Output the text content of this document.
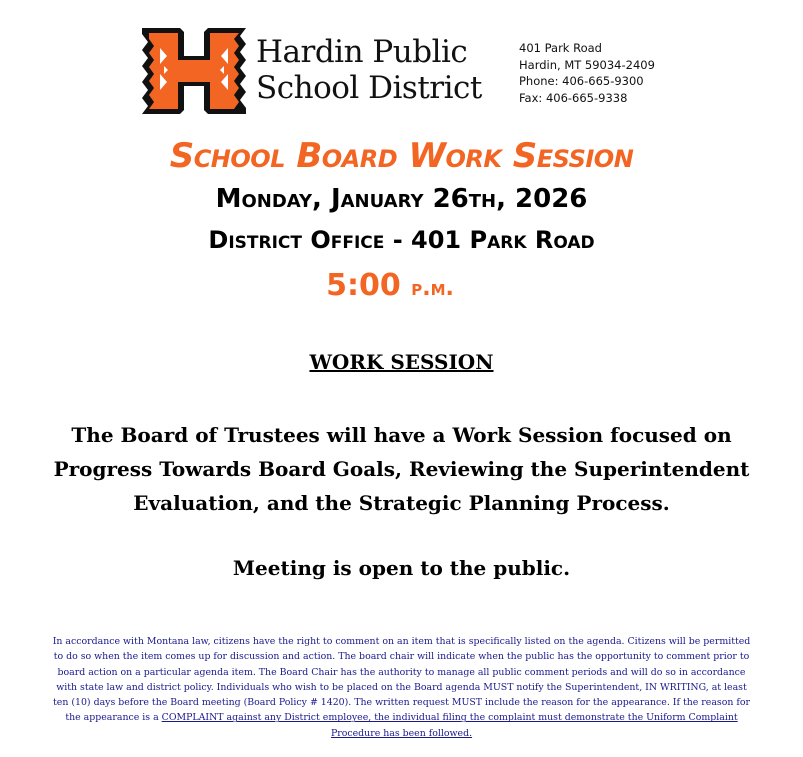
Hardin Public
School District
401 Park Road
Hardin, MT 59034-2409
Phone: 406-665-9300
Fax: 406-665-9338
School Board Work Session
Monday, January 26th, 2026
District Office - 401 Park Road
5:00 p.m.
WORK SESSION
The Board of Trustees will have a Work Session focused on Progress Towards Board Goals, Reviewing the Superintendent Evaluation, and the Strategic Planning Process.
Meeting is open to the public.
In accordance with Montana law, citizens have the right to comment on an item that is specifically listed on the agenda. Citizens will be permitted to do so when the item comes up for discussion and action. The board chair will indicate when the public has the opportunity to comment prior to board action on a particular agenda item. The Board Chair has the authority to manage all public comment periods and will do so in accordance with state law and district policy. Individuals who wish to be placed on the Board agenda MUST notify the Superintendent, IN WRITING, at least ten (10) days before the Board meeting (Board Policy # 1420). The written request MUST include the reason for the appearance. If the reason for the appearance is a COMPLAINT against any District employee, the individual filing the complaint must demonstrate the Uniform Complaint Procedure has been followed.
